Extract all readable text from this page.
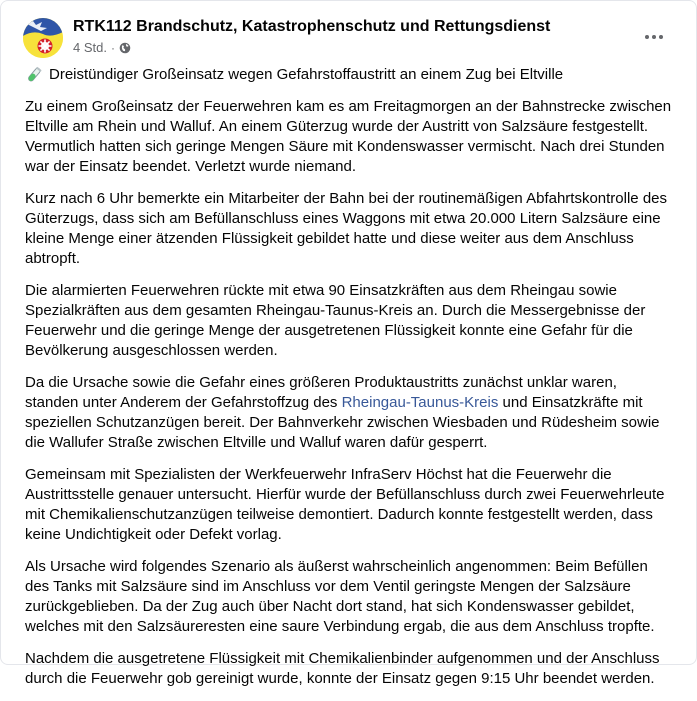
RTK112 Brandschutz, Katastrophenschutz und Rettungsdienst
4 Std. ·
Dreistündiger Großeinsatz wegen Gefahrstoffaustritt an einem Zug bei Eltville

Zu einem Großeinsatz der Feuerwehren kam es am Freitagmorgen an der Bahnstrecke zwischen Eltville am Rhein und Walluf. An einem Güterzug wurde der Austritt von Salzsäure festgestellt. Vermutlich hatten sich geringe Mengen Säure mit Kondenswasser vermischt. Nach drei Stunden war der Einsatz beendet. Verletzt wurde niemand.

Kurz nach 6 Uhr bemerkte ein Mitarbeiter der Bahn bei der routinemäßigen Abfahrtskontrolle des Güterzugs, dass sich am Befüllanschluss eines Waggons mit etwa 20.000 Litern Salzsäure eine kleine Menge einer ätzenden Flüssigkeit gebildet hatte und diese weiter aus dem Anschluss abtropft.

Die alarmierten Feuerwehren rückte mit etwa 90 Einsatzkräften aus dem Rheingau sowie Spezialkräften aus dem gesamten Rheingau-Taunus-Kreis an. Durch die Messergebnisse der Feuerwehr und die geringe Menge der ausgetretenen Flüssigkeit konnte eine Gefahr für die Bevölkerung ausgeschlossen werden.

Da die Ursache sowie die Gefahr eines größeren Produktaustritts zunächst unklar waren, standen unter Anderem der Gefahrstoffzug des Rheingau-Taunus-Kreis und Einsatzkräfte mit speziellen Schutzanzügen bereit. Der Bahnverkehr zwischen Wiesbaden und Rüdesheim sowie die Wallufer Straße zwischen Eltville und Walluf waren dafür gesperrt.

Gemeinsam mit Spezialisten der Werkfeuerwehr InfraServ Höchst hat die Feuerwehr die Austrittsstelle genauer untersucht. Hierfür wurde der Befüllanschluss durch zwei Feuerwehrleute mit Chemikalienschutzanzügen teilweise demontiert. Dadurch konnte festgestellt werden, dass keine Undichtigkeit oder Defekt vorlag.

Als Ursache wird folgendes Szenario als äußerst wahrscheinlich angenommen: Beim Befüllen des Tanks mit Salzsäure sind im Anschluss vor dem Ventil geringste Mengen der Salzsäure zurückgeblieben. Da der Zug auch über Nacht dort stand, hat sich Kondenswasser gebildet, welches mit den Salzsäureresten eine saure Verbindung ergab, die aus dem Anschluss tropfte.

Nachdem die ausgetretene Flüssigkeit mit Chemikalienbinder aufgenommen und der Anschluss durch die Feuerwehr gob gereinigt wurde, konnte der Einsatz gegen 9:15 Uhr beendet werden.
